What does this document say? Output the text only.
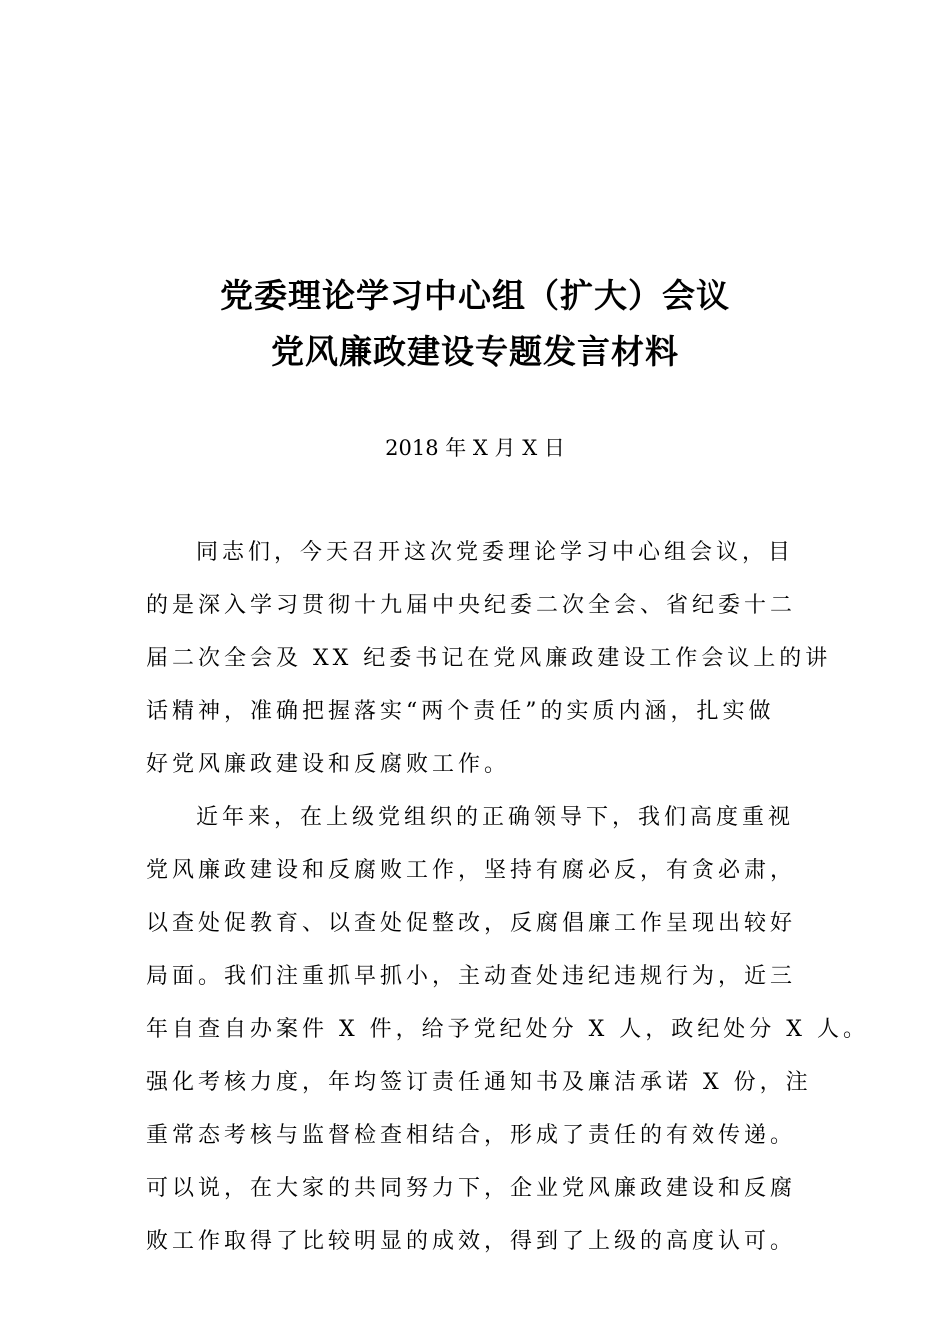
党委理论学习中心组（扩大）会议
党风廉政建设专题发言材料
2018 年 X 月 X 日
同志们，今天召开这次党委理论学习中心组会议，目
的是深入学习贯彻十九届中央纪委二次全会、省纪委十二
届二次全会及 XX 纪委书记在党风廉政建设工作会议上的讲
话精神，准确把握落实“两个责任”的实质内涵，扎实做
好党风廉政建设和反腐败工作。
近年来，在上级党组织的正确领导下，我们高度重视
党风廉政建设和反腐败工作，坚持有腐必反，有贪必肃，
以查处促教育、以查处促整改，反腐倡廉工作呈现出较好
局面。我们注重抓早抓小，主动查处违纪违规行为，近三
年自查自办案件 X 件，给予党纪处分 X 人，政纪处分 X 人。
强化考核力度，年均签订责任通知书及廉洁承诺 X 份，注
重常态考核与监督检查相结合，形成了责任的有效传递。
可以说，在大家的共同努力下，企业党风廉政建设和反腐
败工作取得了比较明显的成效，得到了上级的高度认可。
